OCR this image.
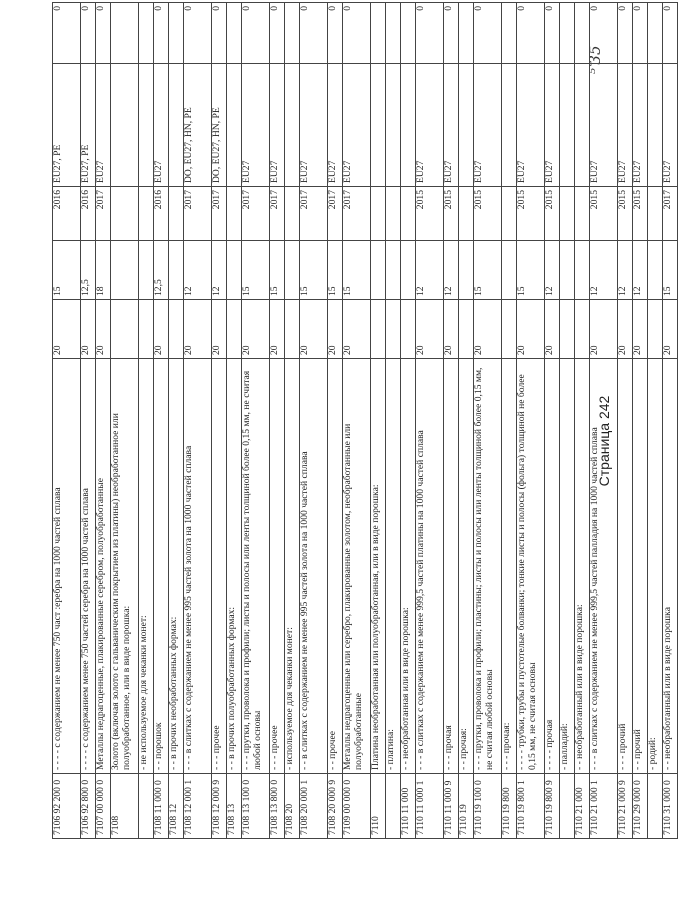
⁵‵35
7106 92 200 0	- - - - с содержанием не менее 750 част :еребра на 1000 частей сплава	20	15	2016	EU27, PE	0
7106 92 800 0	- - - - с содержанием менее 750 частей серебра на 1000 частей сплава	20	12,5	2016	EU27, PE	0
7107 00 000 0	Металлы недрагоценные, плакированные серебром, полуобработанные	20	18	2017	EU27	0
7108	Золото (включая золото с гальваническим покрытием из платины) необработанное или полуобработанное, или в виде порошка:					
	- не используемое для чеканки монет:					
7108 11 000 0	- - порошок	20	12,5	2016	EU27	0
7108 12	- - в прочих необработанных формах:					
7108 12 000 1	- - - в слитках с содержанием не менее 995 частей золота на 1000 частей сплава	20	12	2017	DO, EU27, HN, PE	0
7108 12 000 9	- - - прочее	20	12	2017	DO, EU27, HN, PE	0
7108 13	- - в прочих полуобработанных формах:					
7108 13 100 0	- - - прутки, проволока и профили; листы и полосы или ленты толщиной более 0,15 мм, не считая любой основы	20	15	2017	EU27	0
7108 13 800 0	- - - прочее	20	15	2017	EU27	0
7108 20	- используемое для чеканки монет:					
7108 20 000 1	- - в слитках с содержанием не менее 995 частей золота на 1000 частей сплава	20	15	2017	EU27	0
7108 20 000 9	- - прочее	20	15	2017	EU27	0
7109 00 000 0	Металлы недрагоценные или серебро, плакированные золотом, необработанные или полуобработанные	20	15	2017	EU27	0
7110	Платина необработанная или полуобработанная, или в виде порошка:					
	- платина:					
7110 11 000	- - необработанная или в виде порошка:					
7110 11 000 1	- - - в слитках с содержанием не менее 999,5 частей платины на 1000 частей сплава	20	12	2015	EU27	0
7110 11 000 9	- - - прочая	20	12	2015	EU27	0
7110 19	- - прочая:					
7110 19 100 0	- - - прутки, проволока и профили; пластины; листы и полосы или ленты толщиной более 0,15 мм, не считая любой основы	20	15	2015	EU27	0
7110 19 800	- - - прочая:					
7110 19 800 1	- - - - трубки, трубы и пустотелые болванки; тонкие листы и полосы (фольга) толщиной не более 0,15 мм, не считая основы	20	15	2015	EU27	0
7110 19 800 9	- - - - прочая	20	12	2015	EU27	0
	- палладий:					
7110 21 000	- - необработанный или в виде порошка:					
7110 21 000 1	- - - в слитках с содержанием не менее 999,5 частей палладия на 1000 частей сплава	20	12	2015	EU27	0
7110 21 000 9	- - - прочий	20	12	2015	EU27	0
7110 29 000 0	- - прочий	20	12	2015	EU27	0
	- родий:					
7110 31 000 0	- - необработанный или в виде порошка	20	15	2017	EU27	0
Страница 242
